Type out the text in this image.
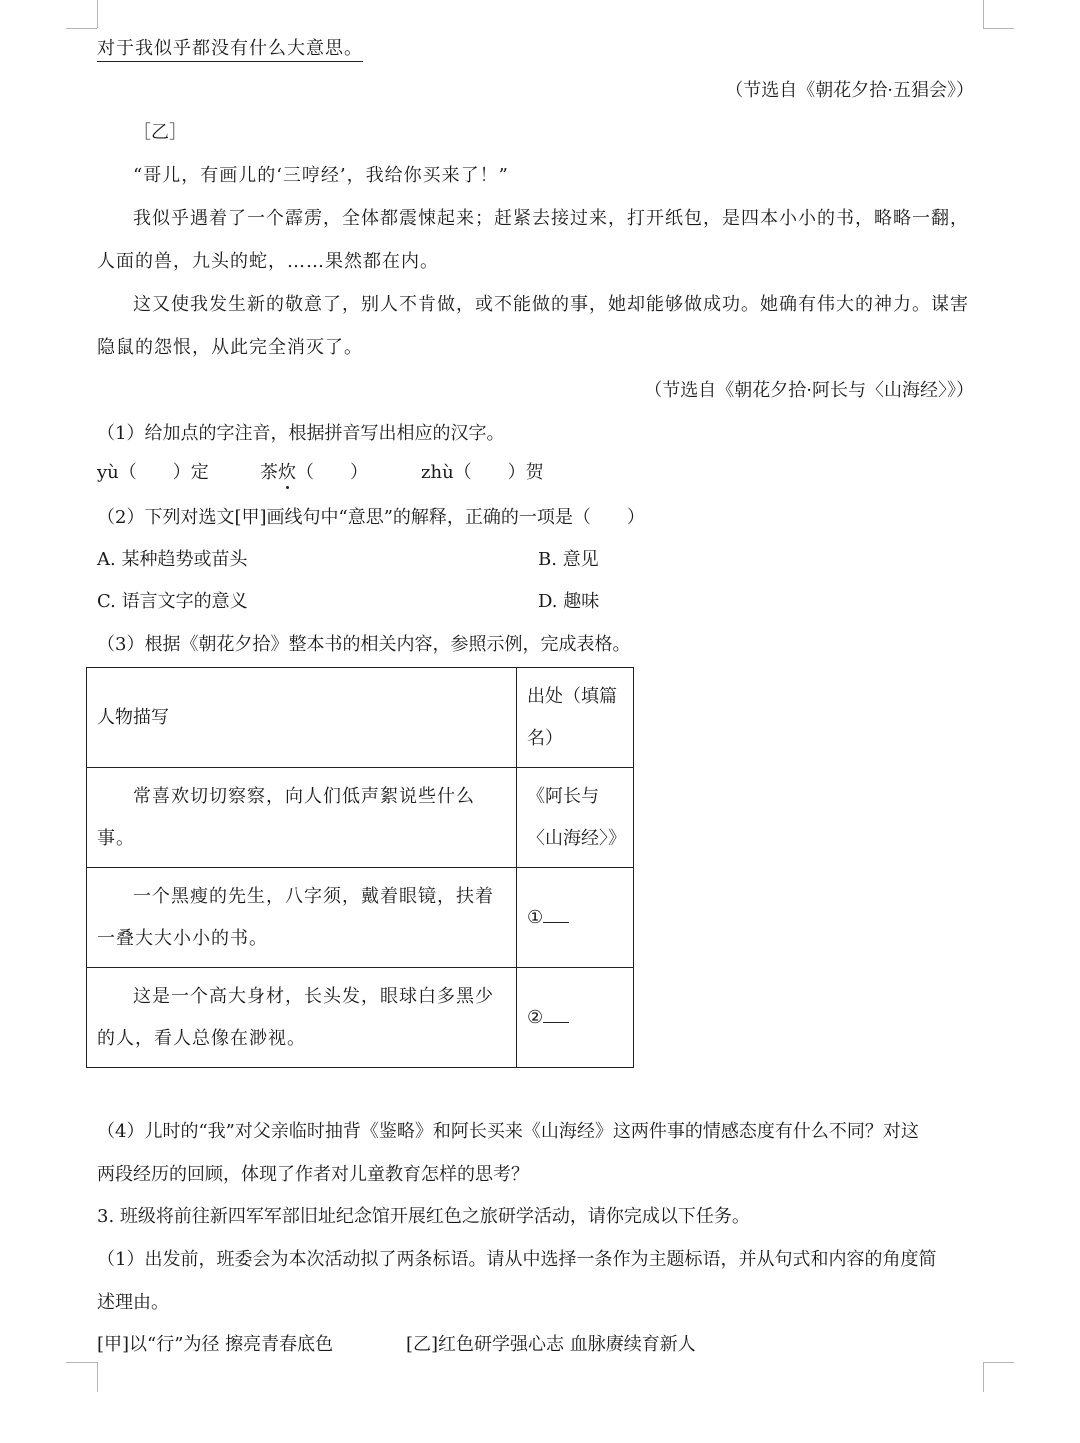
对于我似乎都没有什么大意思。
（节选自《朝花夕拾·五猖会》）
［乙］
“哥儿，有画儿的‘三哼经’，我给你买来了！”
我似乎遇着了一个霹雳，全体都震悚起来；赶紧去接过来，打开纸包，是四本小小的书，略略一翻，
人面的兽，九头的蛇，……果然都在内。
这又使我发生新的敬意了，别人不肯做，或不能做的事，她却能够做成功。她确有伟大的神力。谋害
隐鼠的怨恨，从此完全消灭了。
（节选自《朝花夕拾·阿长与〈山海经〉》）
（1）给加点的字注音，根据拼音写出相应的汉字。
yù（　　）定	茶炊（　　）	zhù（　　）贺
（2）下列对选文[甲]画线句中“意思”的解释，正确的一项是（　　）
A. 某种趋势或苗头	B. 意见
C. 语言文字的意义	D. 趣味
（3）根据《朝花夕拾》整本书的相关内容，参照示例，完成表格。
人物描写	出处（填篇
名）
常喜欢切切察察，向人们低声絮说些什么事。	《阿长与
〈山海经〉》
一个黑瘦的先生，八字须，戴着眼镜，扶着
一叠大大小小的书。	①
这是一个高大身材，长头发，眼球白多黑少
的人，看人总像在渺视。	②
（4）儿时的“我”对父亲临时抽背《鉴略》和阿长买来《山海经》这两件事的情感态度有什么不同？对这
两段经历的回顾，体现了作者对儿童教育怎样的思考？
3. 班级将前往新四军军部旧址纪念馆开展红色之旅研学活动，请你完成以下任务。
（1）出发前，班委会为本次活动拟了两条标语。请从中选择一条作为主题标语，并从句式和内容的角度简
述理由。
[甲]以“行”为径 擦亮青春底色	[乙]红色研学强心志 血脉赓续育新人
